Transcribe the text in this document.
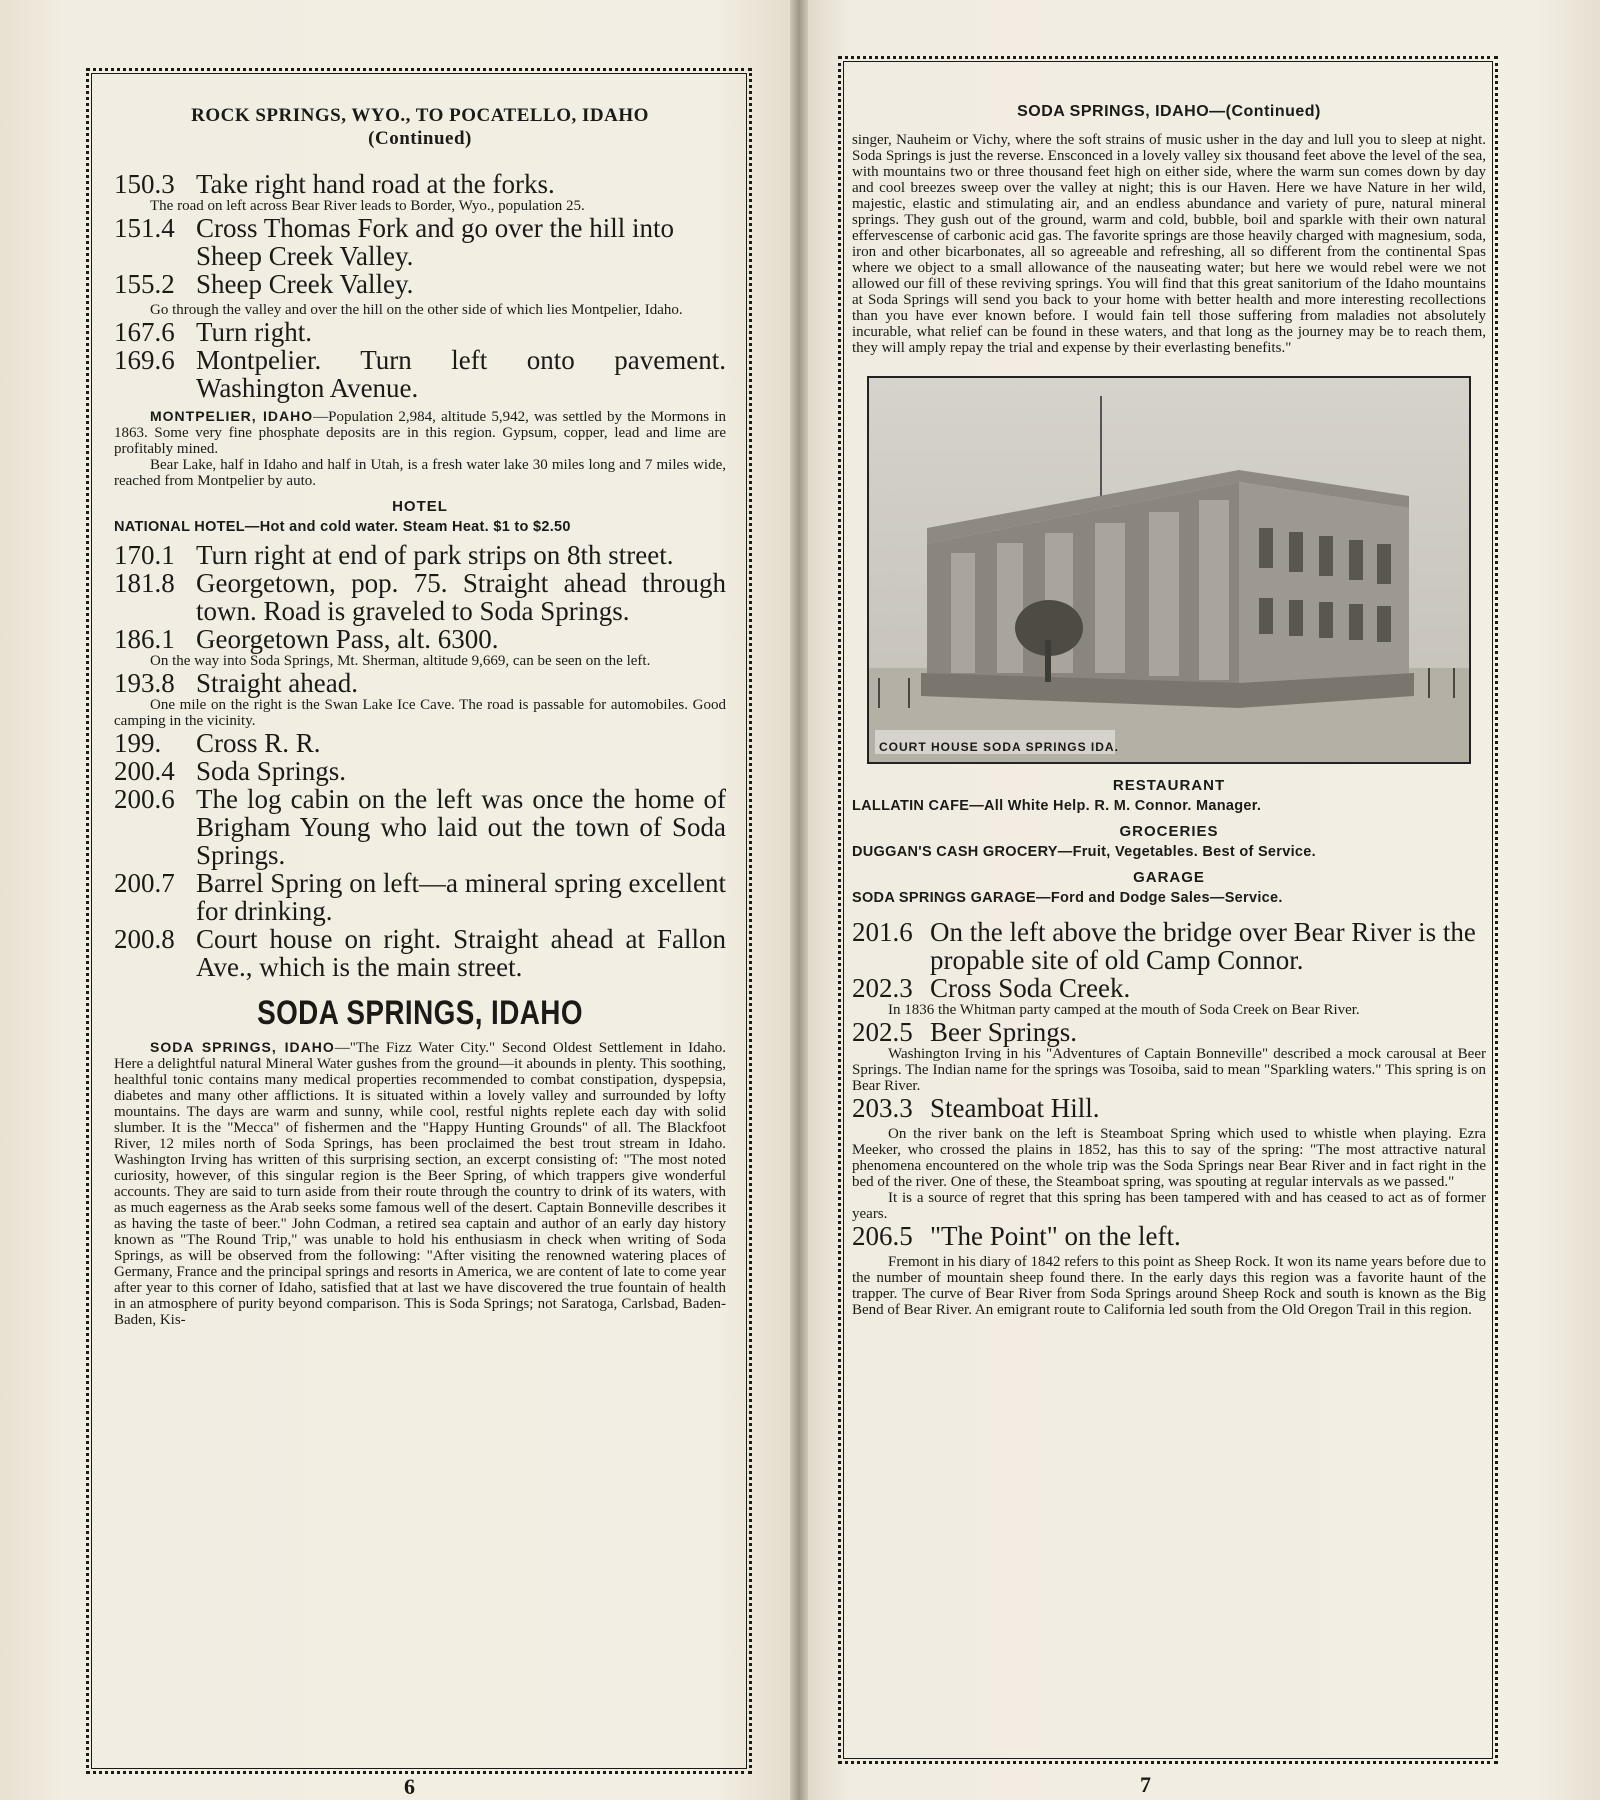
ROCK SPRINGS, WYO., TO POCATELLO, IDAHO
(Continued)
150.3 Take right hand road at the forks.
The road on left across Bear River leads to Border, Wyo., population 25.
151.4 Cross Thomas Fork and go over the hill into Sheep Creek Valley.
155.2 Sheep Creek Valley.
Go through the valley and over the hill on the other side of which lies Montpelier, Idaho.
167.6 Turn right.
169.6 Montpelier. Turn left onto pavement. Washington Avenue.
MONTPELIER, IDAHO—Population 2,984, altitude 5,942, was settled by the Mormons in 1863. Some very fine phosphate deposits are in this region. Gypsum, copper, lead and lime are profitably mined.
Bear Lake, half in Idaho and half in Utah, is a fresh water lake 30 miles long and 7 miles wide, reached from Montpelier by auto.
HOTEL
NATIONAL HOTEL—Hot and cold water. Steam Heat. $1 to $2.50
170.1 Turn right at end of park strips on 8th street.
181.8 Georgetown, pop. 75. Straight ahead through town. Road is graveled to Soda Springs.
186.1 Georgetown Pass, alt. 6300.
On the way into Soda Springs, Mt. Sherman, altitude 9,669, can be seen on the left.
193.8 Straight ahead.
One mile on the right is the Swan Lake Ice Cave. The road is passable for automobiles. Good camping in the vicinity.
199.	Cross R. R.
200.4 Soda Springs.
200.6 The log cabin on the left was once the home of Brigham Young who laid out the town of Soda Springs.
200.7 Barrel Spring on left—a mineral spring excellent for drinking.
200.8 Court house on right. Straight ahead at Fallon Ave., which is the main street.
SODA SPRINGS, IDAHO
SODA SPRINGS, IDAHO—"The Fizz Water City." Second Oldest Settlement in Idaho. Here a delightful natural Mineral Water gushes from the ground—it abounds in plenty. This soothing, healthful tonic contains many medical properties recommended to combat constipation, dyspepsia, diabetes and many other afflictions. It is situated within a lovely valley and surrounded by lofty mountains. The days are warm and sunny, while cool, restful nights replete each day with solid slumber. It is the "Mecca" of fishermen and the "Happy Hunting Grounds" of all. The Blackfoot River, 12 miles north of Soda Springs, has been proclaimed the best trout stream in Idaho. Washington Irving has written of this surprising section, an excerpt consisting of: "The most noted curiosity, however, of this singular region is the Beer Spring, of which trappers give wonderful accounts. They are said to turn aside from their route through the country to drink of its waters, with as much eagerness as the Arab seeks some famous well of the desert. Captain Bonneville describes it as having the taste of beer." John Codman, a retired sea captain and author of an early day history known as "The Round Trip," was unable to hold his enthusiasm in check when writing of Soda Springs, as will be observed from the following: "After visiting the renowned watering places of Germany, France and the principal springs and resorts in America, we are content of late to come year after year to this corner of Idaho, satisfied that at last we have discovered the true fountain of health in an atmosphere of purity beyond comparison. This is Soda Springs; not Saratoga, Carlsbad, Baden-Baden, Kis-
6
SODA SPRINGS, IDAHO—(Continued)
singer, Nauheim or Vichy, where the soft strains of music usher in the day and lull you to sleep at night. Soda Springs is just the reverse. Ensconced in a lovely valley six thousand feet above the level of the sea, with mountains two or three thousand feet high on either side, where the warm sun comes down by day and cool breezes sweep over the valley at night; this is our Haven. Here we have Nature in her wild, majestic, elastic and stimulating air, and an endless abundance and variety of pure, natural mineral springs. They gush out of the ground, warm and cold, bubble, boil and sparkle with their own natural effervescense of carbonic acid gas. The favorite springs are those heavily charged with magnesium, soda, iron and other bicarbonates, all so agreeable and refreshing, all so different from the continental Spas where we object to a small allowance of the nauseating water; but here we would rebel were we not allowed our fill of these reviving springs. You will find that this great sanitorium of the Idaho mountains at Soda Springs will send you back to your home with better health and more interesting recollections than you have ever known before. I would fain tell those suffering from maladies not absolutely incurable, what relief can be found in these waters, and that long as the journey may be to reach them, they will amply repay the trial and expense by their everlasting benefits."
COURT HOUSE SODA SPRINGS IDA.
RESTAURANT
LALLATIN CAFE—All White Help. R. M. Connor. Manager.
GROCERIES
DUGGAN'S CASH GROCERY—Fruit, Vegetables. Best of Service.
GARAGE
SODA SPRINGS GARAGE—Ford and Dodge Sales—Service.
201.6 On the left above the bridge over Bear River is the propable site of old Camp Connor.
202.3 Cross Soda Creek.
In 1836 the Whitman party camped at the mouth of Soda Creek on Bear River.
202.5 Beer Springs.
Washington Irving in his "Adventures of Captain Bonneville" described a mock carousal at Beer Springs. The Indian name for the springs was Tosoiba, said to mean "Sparkling waters." This spring is on Bear River.
203.3 Steamboat Hill.
On the river bank on the left is Steamboat Spring which used to whistle when playing. Ezra Meeker, who crossed the plains in 1852, has this to say of the spring: "The most attractive natural phenomena encountered on the whole trip was the Soda Springs near Bear River and in fact right in the bed of the river. One of these, the Steamboat spring, was spouting at regular intervals as we passed."
It is a source of regret that this spring has been tampered with and has ceased to act as of former years.
206.5 "The Point" on the left.
Fremont in his diary of 1842 refers to this point as Sheep Rock. It won its name years before due to the number of mountain sheep found there. In the early days this region was a favorite haunt of the trapper. The curve of Bear River from Soda Springs around Sheep Rock and south is known as the Big Bend of Bear River. An emigrant route to California led south from the Old Oregon Trail in this region.
7
